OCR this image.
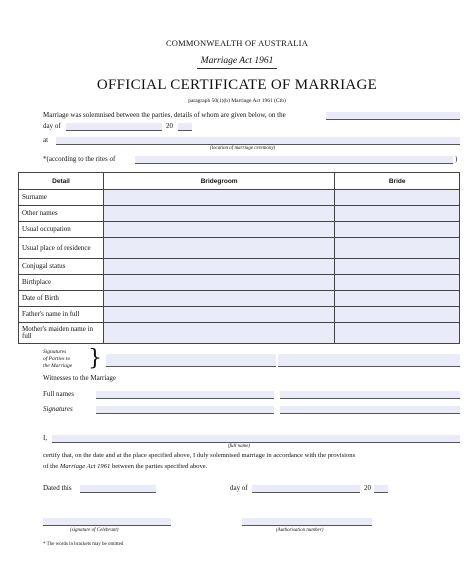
COMMONWEALTH OF AUSTRALIA
Marriage Act 1961
OFFICIAL CERTIFICATE OF MARRIAGE
paragraph 50(1)(b) Marriage Act 1961 (Cth)
Marriage was solemnised between the parties, details of whom are given below, on the
day of	20
at
(location of marriage ceremony)
*(according to the rites of	)
Detail	Bridegroom	Bride
Surname		
Other names		
Usual occupation		
Usual place of residence		
Conjugal status		
Birthplace		
Date of Birth		
Father's name in full		
Mother's maiden name in full		
Signatures
of Parties to
the Marriage }
Witnesses to the Marriage
Full names
Signatures
I,
(full name)
certify that, on the date and at the place specified above, I duly solemnised marriage in accordance with the provisions
of the Marriage Act 1961 between the parties specified above.
Dated this	day of	20
(signature of Celebrant)	(Authorisation number)
* The words in brackets may be omitted
